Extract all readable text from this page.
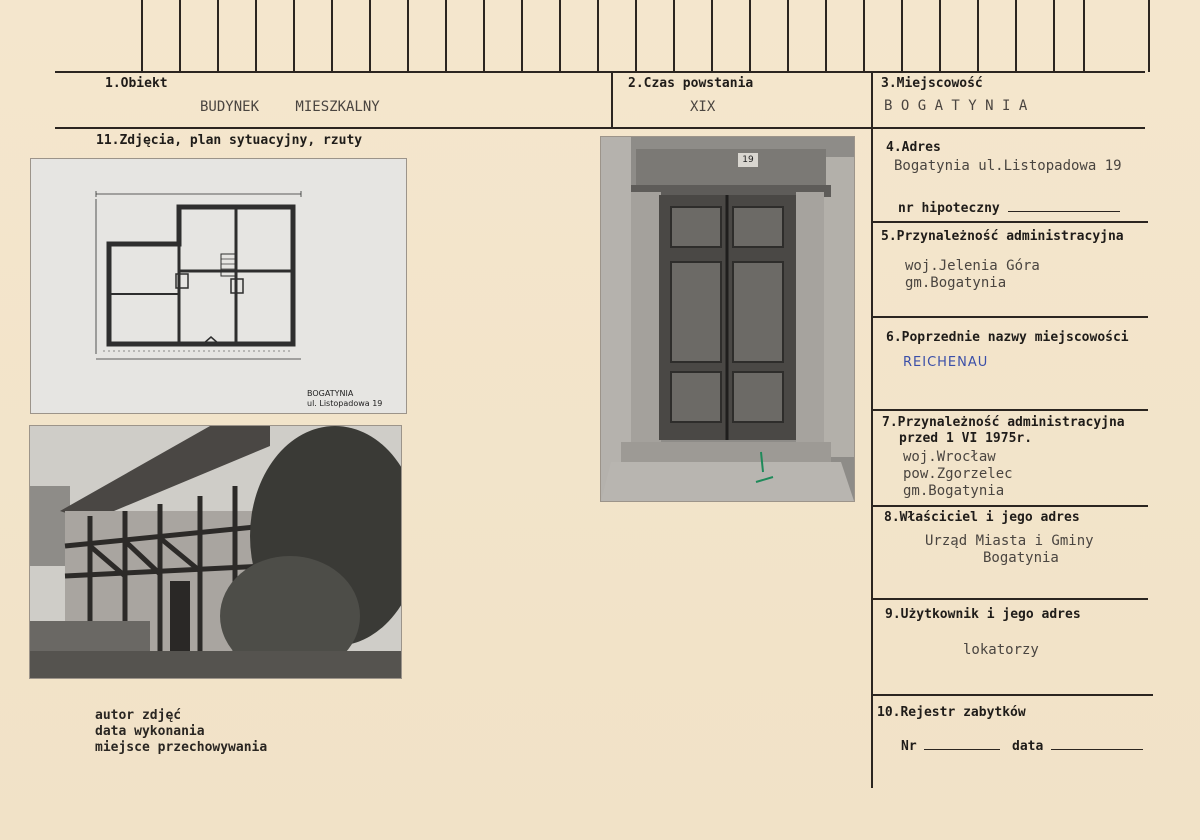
1.Obiekt
BUDYNEK MIESZKALNY
2.Czas powstania
XIX
3.Miejscowość
B O G A T Y N I A
11.Zdjęcia, plan sytuacyjny, rzuty	4.Adres
Bogatynia ul.Listopadowa 19
nr hipoteczny
5.Przynależność administracyjna
woj.Jelenia Góra
gm.Bogatynia
6.Poprzednie nazwy miejscowości
REICHENAU
7.Przynależność administracyjna
przed 1 VI 1975r.
woj.Wrocław
pow.Zgorzelec
gm.Bogatynia
8.Właściciel i jego adres
Urząd Miasta i Gminy
Bogatynia
9.Użytkownik i jego adres
lokatorzy
10.Rejestr zabytków
Nr	data
BOGATYNIA
ul. Listopadowa 19
19
autor zdjęć
data wykonania
miejsce przechowywania
